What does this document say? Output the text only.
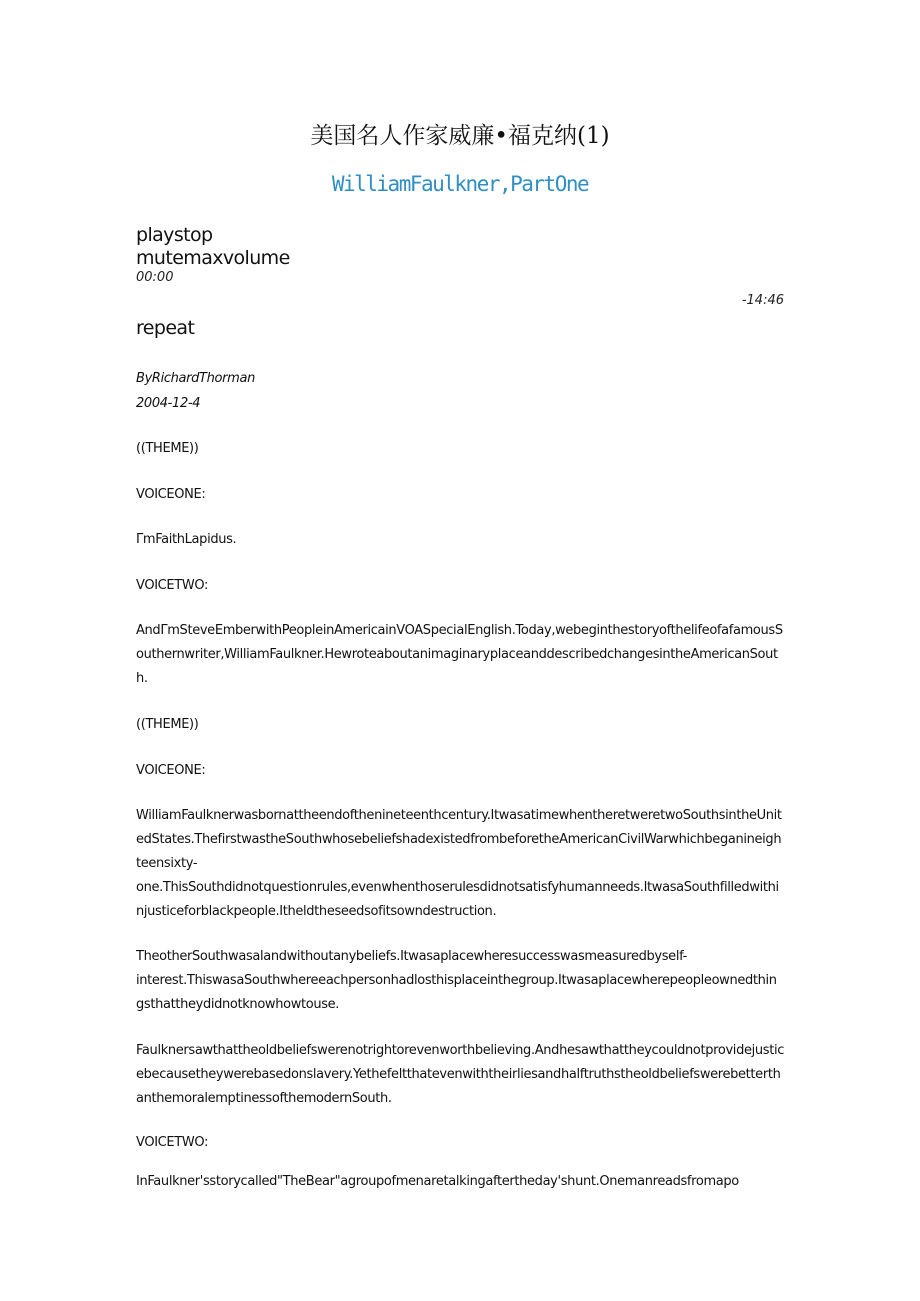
美国名人作家威廉•福克纳(1)
WilliamFaulkner,PartOne
playstop
mutemaxvolume
00:00
-14:46
repeat
ByRichardThorman
2004-12-4

((THEME))

VOICEONE:

ΓmFaithLapidus.

VOICETWO:

AndΓmSteveEmberwithPeopleinAmericainVOASpecialEnglish.Today,webeginthestoryofthelifeofafamousSouthernwriter,WilliamFaulkner.HewroteaboutanimaginaryplaceanddescribedchangesintheAmericanSouth.

((THEME))

VOICEONE:

WilliamFaulknerwasbornattheendofthenineteenthcentury.ItwasatimewhentheretweretwoSouthsintheUnitedStates.ThefirstwastheSouthwhosebeliefshadexistedfrombeforetheAmericanCivilWarwhichbeganineighteensixty-
one.ThisSouthdidnotquestionrules,evenwhenthoserulesdidnotsatisfyhumanneeds.ItwasaSouthfilledwithinjusticeforblackpeople.Itheldtheseedsofitsowndestruction.

TheotherSouthwasalandwithoutanybeliefs.Itwasaplacewheresuccesswasmeasuredbyself-
interest.ThiswasaSouthwhereeachpersonhadlosthisplaceinthegroup.Itwasaplacewherepeopleownedthingsthattheydidnotknowhowtouse.

Faulknersawthattheoldbeliefswerenotrightorevenworthbelieving.Andhesawthattheycouldnotprovidejusticebecausetheywerebasedonslavery.YethefeltthatevenwiththeirliesandhalftruthstheoldbeliefswerebetterthanthemoralemptinessofthemodernSouth.

VOICETWO:

InFaulkner'sstorycalled"TheBear"agroupofmenaretalkingaftertheday'shunt.Onemanreadsfromapo
